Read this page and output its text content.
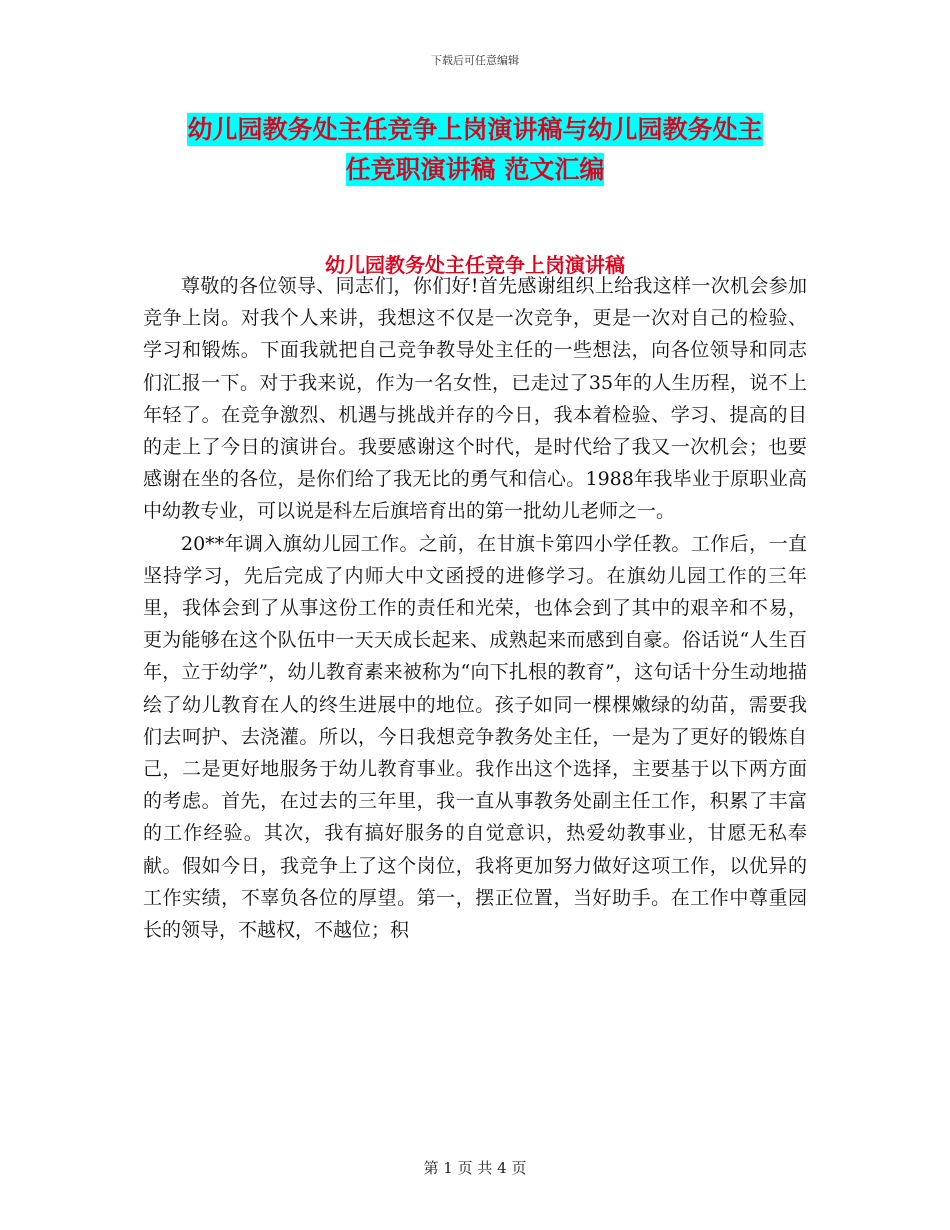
下载后可任意编辑
幼儿园教务处主任竞争上岗演讲稿与幼儿园教务处主
任竞职演讲稿 范文汇编
幼儿园教务处主任竞争上岗演讲稿

尊敬的各位领导、同志们，你们好!首先感谢组织上给我这样一次机会参加竞争上岗。对我个人来讲，我想这不仅是一次竞争，更是一次对自己的检验、学习和锻炼。下面我就把自己竞争教导处主任的一些想法，向各位领导和同志们汇报一下。对于我来说，作为一名女性，已走过了35年的人生历程，说不上年轻了。在竞争激烈、机遇与挑战并存的今日，我本着检验、学习、提高的目的走上了今日的演讲台。我要感谢这个时代，是时代给了我又一次机会；也要感谢在坐的各位，是你们给了我无比的勇气和信心。1988年我毕业于原职业高中幼教专业，可以说是科左后旗培育出的第一批幼儿老师之一。

20**年调入旗幼儿园工作。之前，在甘旗卡第四小学任教。工作后，一直坚持学习，先后完成了内师大中文函授的进修学习。在旗幼儿园工作的三年里，我体会到了从事这份工作的责任和光荣，也体会到了其中的艰辛和不易，更为能够在这个队伍中一天天成长起来、成熟起来而感到自豪。俗话说“人生百年，立于幼学”，幼儿教育素来被称为“向下扎根的教育”，这句话十分生动地描绘了幼儿教育在人的终生进展中的地位。孩子如同一棵棵嫩绿的幼苗，需要我们去呵护、去浇灌。所以，今日我想竞争教务处主任，一是为了更好的锻炼自己，二是更好地服务于幼儿教育事业。我作出这个选择，主要基于以下两方面的考虑。首先，在过去的三年里，我一直从事教务处副主任工作，积累了丰富的工作经验。其次，我有搞好服务的自觉意识，热爱幼教事业，甘愿无私奉献。假如今日，我竞争上了这个岗位，我将更加努力做好这项工作，以优异的工作实绩，不辜负各位的厚望。第一，摆正位置，当好助手。在工作中尊重园长的领导，不越权，不越位；积

第 1 页 共 4 页
